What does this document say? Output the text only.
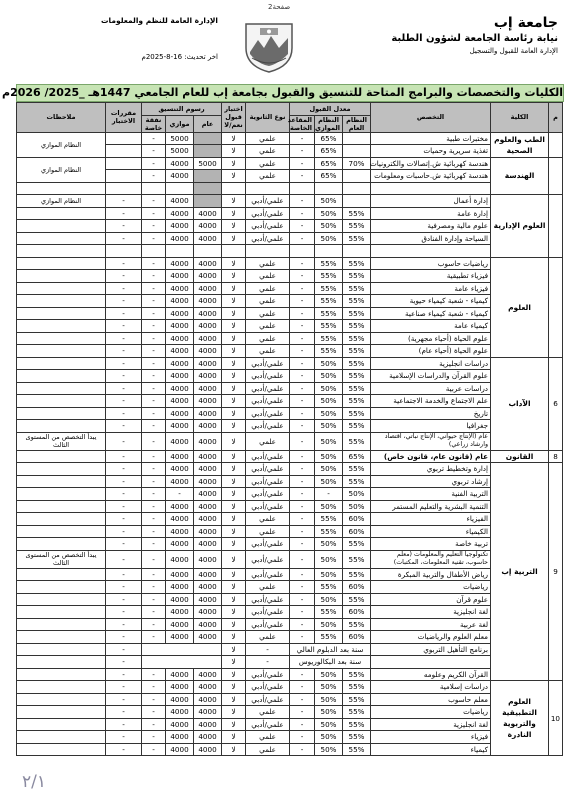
صفحة2
جامعة إب
نيابة رئاسة الجامعة لشؤون الطلبة
الإدارة العامة للقبول والتسجيل
الإدارة العامة للنظم والمعلومات
اخر تحديث: 16-8-2025م
الكليات والتخصصات والبرامج المتاحة للتنسيق والقبول بجامعة إب للعام الجامعي 1447هـ _2025/ 2026م
م	الكلية	التخصص	معدل القبول			نوع الثانوية	اختبار قبول نعم/لا	رسوم التنسيق			مقررات الاختبار	ملاحظات
			النظام العام	النظام الموازي	المقاعد الخاصة			عام	موازي	نفقة خاصة		
	الطب والعلوم الصحية	مختبرات طبية		65%	-	علمي	لا		5000	-		النظام الموازي
		تغذية سريرية وحميات		65%	-	علمي	لا		5000	-		
	الهندسة	هندسة كهربائية ش.إتصالات والكترونيات	70%	65%	-	علمي	لا	5000	4000	-		النظام الموازي
		هندسة كهربائية ش.حاسبات ومعلومات		65%	-	علمي	لا		4000	-		

	العلوم الإدارية	إدارة أعمال		50%	-	علمي/أدبي	لا		4000	-	-	النظام الموازي
		إدارة عامة	55%	50%	-	علمي/أدبي	لا	4000	4000	-	-	
		علوم مالية ومصرفية	55%	50%	-	علمي/أدبي	لا	4000	4000	-	-	
		السياحة وإدارة الفنادق	55%	50%	-	علمي/أدبي	لا	4000	4000	-	-	

	العلوم	رياضيات حاسوب	55%	55%	-	علمي	لا	4000	4000	-	-	
		فيزياء تطبيقية	55%	55%	-	علمي	لا	4000	4000	-	-	
		فيزياء عامة	55%	55%	-	علمي	لا	4000	4000	-	-	
		كيمياء - شعبة كيمياء حيوية	55%	55%	-	علمي	لا	4000	4000	-	-	
		كيمياء - شعبة كيمياء صناعية	55%	55%	-	علمي	لا	4000	4000	-	-	
		كيمياء عامة	55%	55%	-	علمي	لا	4000	4000	-	-	
		علوم الحياة (أحياء مجهرية)	55%	55%	-	علمي	لا	4000	4000	-	-	
		علوم الحياة (أحياء عام)	55%	55%	-	علمي	لا	4000	4000	-	-	
6	الآداب	دراسات انجليزية	55%	50%	-	علمي/أدبي	لا	4000	4000	-	-	
		علوم القرآن والدراسات الإسلامية	55%	50%	-	علمي/أدبي	لا	4000	4000	-	-	
		دراسات عربية	55%	50%	-	علمي/أدبي	لا	4000	4000	-	-	
		علم الاجتماع والخدمة الاجتماعية	55%	50%	-	علمي/أدبي	لا	4000	4000	-	-	
		تاريخ	55%	50%	-	علمي/أدبي	لا	4000	4000	-	-	
		جغرافيا	55%	50%	-	علمي/أدبي	لا	4000	4000	-	-	
		عام (الإنتاج حيواني، الإنتاج نباتي، اقتصاد وارشاد زراعي)	55%	50%	-	علمي	لا	4000	4000	-	-	يبدأ التخصص من المستوى الثالث
8	القانون	عام (قانون عام، قانون خاص)	65%	50%	-	علمي/أدبي	لا	4000	4000	-	-	
9	التربية إب	إدارة وتخطيط تربوي	55%	50%	-	علمي/أدبي	لا	4000	4000	-	-	
		إرشاد تربوي	55%	50%	-	علمي/أدبي	لا	4000	4000	-	-	
		التربية الفنية	50%	-	-	علمي/أدبي	لا	4000	-	-	-	
		التنمية البشرية والتعليم المستمر	50%	50%	-	علمي/أدبي	لا	4000	4000	-	-	
		الفيزياء	60%	55%	-	علمي	لا	4000	4000	-	-	
		الكيمياء	60%	55%	-	علمي	لا	4000	4000	-	-	
		تربية خاصة	55%	50%	-	علمي/أدبي	لا	4000	4000	-	-	
		تكنولوجيا التعليم والمعلومات (معلم حاسوب، تقنية المعلومات، المكتبات)	55%	50%	-	علمي/أدبي	لا	4000	4000	-	-	يبدأ التخصص من المستوى الثالث
		رياض الأطفال والتربية المبكرة	55%	50%	-	علمي/أدبي	لا	4000	4000	-	-	
		رياضيات	60%	55%	-	علمي	لا	4000	4000	-	-	
		علوم قرآن	55%	50%	-	علمي/أدبي	لا	4000	4000	-	-	
		لغة انجليزية	60%	55%	-	علمي/أدبي	لا	4000	4000	-	-	
		لغة عربية	55%	50%	-	علمي/أدبي	لا	4000	4000	-	-	
		معلم العلوم والرياضيات	60%	55%	-	علمي	لا	4000	4000	-	-	
		برنامج التأهيل التربوي	سنة بعد الدبلوم العالي			-	لا				-	
			سنة بعد البكالوريوس			-	لا				-	
		القرآن الكريم وعلومه	55%	50%	-	علمي/أدبي	لا	4000	4000	-	-	
10	العلوم التطبيقية والتربوية النادرة	دراسات إسلامية	55%	50%	-	علمي/أدبي	لا	4000	4000	-	-	
		معلم حاسوب	55%	50%	-	علمي/أدبي	لا	4000	4000	-	-	
		رياضيات	55%	50%	-	علمي	لا	4000	4000	-	-	
		لغة انجليزية	55%	50%	-	علمي/أدبي	لا	4000	4000	-	-	
		فيزياء	55%	50%	-	علمي	لا	4000	4000	-	-	
		كيمياء	55%	50%	-	علمي	لا	4000	4000	-	-	
٢/١
